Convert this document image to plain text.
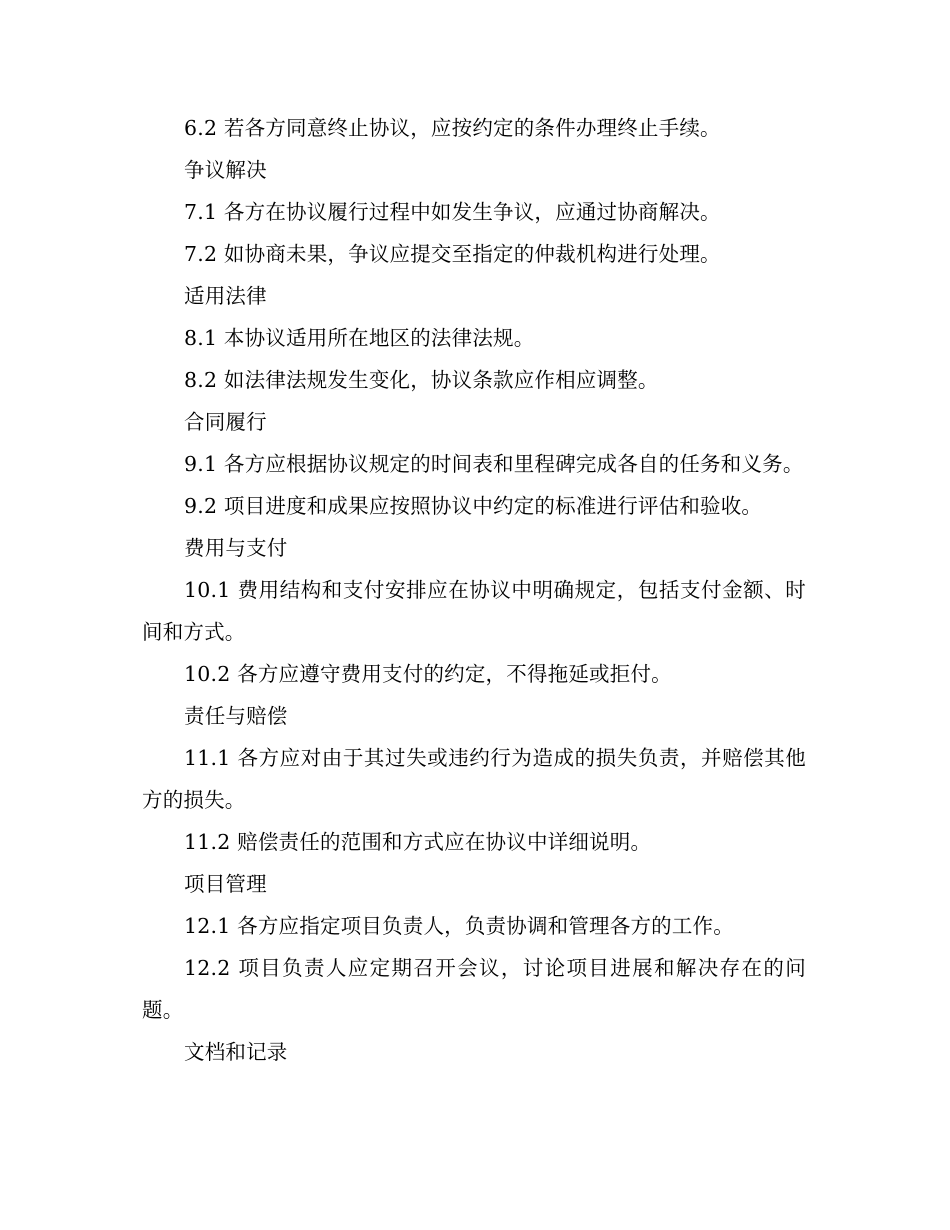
6.2 若各方同意终止协议，应按约定的条件办理终止手续。

争议解决

7.1 各方在协议履行过程中如发生争议，应通过协商解决。

7.2 如协商未果，争议应提交至指定的仲裁机构进行处理。

适用法律

8.1 本协议适用所在地区的法律法规。

8.2 如法律法规发生变化，协议条款应作相应调整。

合同履行

9.1 各方应根据协议规定的时间表和里程碑完成各自的任务和义务。

9.2 项目进度和成果应按照协议中约定的标准进行评估和验收。

费用与支付

10.1 费用结构和支付安排应在协议中明确规定，包括支付金额、时间和方式。

10.2 各方应遵守费用支付的约定，不得拖延或拒付。

责任与赔偿

11.1 各方应对由于其过失或违约行为造成的损失负责，并赔偿其他方的损失。

11.2 赔偿责任的范围和方式应在协议中详细说明。

项目管理

12.1 各方应指定项目负责人，负责协调和管理各方的工作。

12.2 项目负责人应定期召开会议，讨论项目进展和解决存在的问题。

文档和记录
